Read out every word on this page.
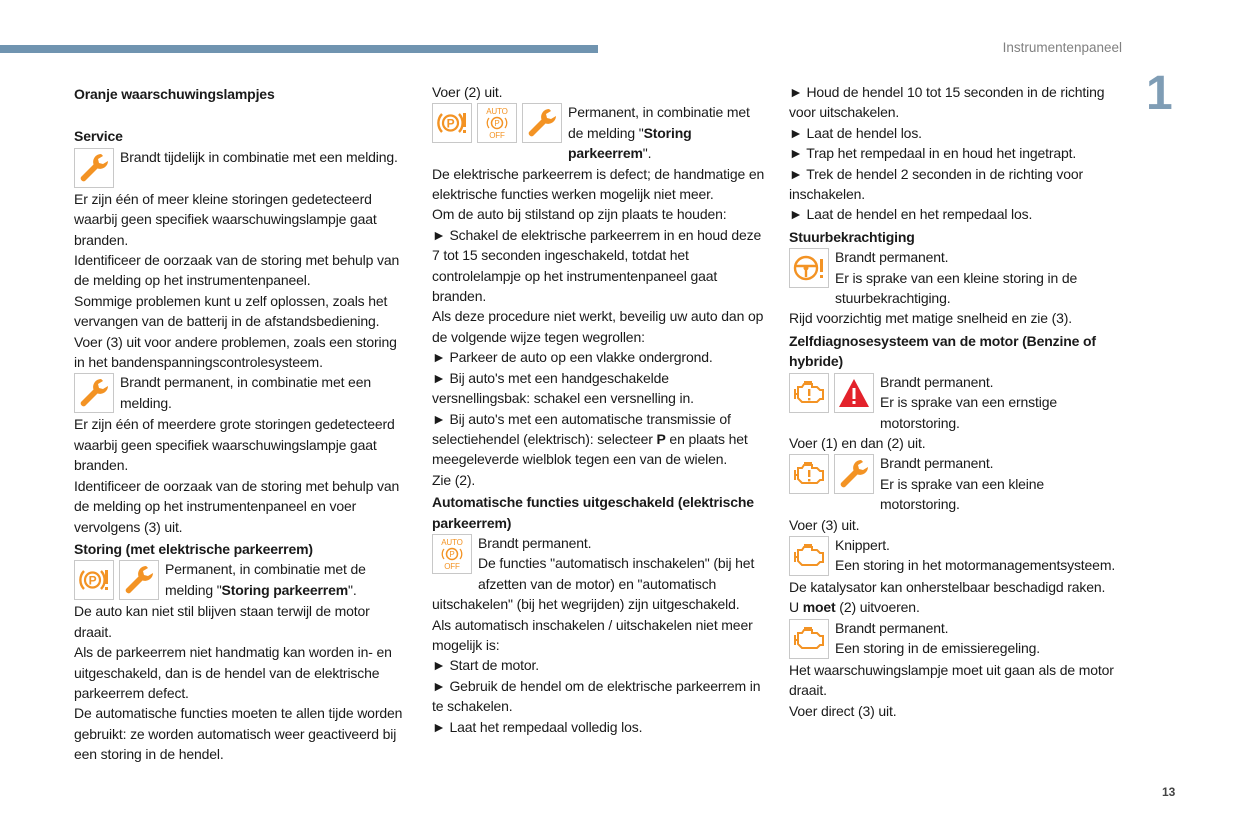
Instrumentenpaneel
1
Oranje waarschuwingslampjes
Service
Brandt tijdelijk in combinatie met een melding.

Er zijn één of meer kleine storingen gedetecteerd waarbij geen specifiek waarschuwingslampje gaat branden.

Identificeer de oorzaak van de storing met behulp van de melding op het instrumentenpaneel.

Sommige problemen kunt u zelf oplossen, zoals het vervangen van de batterij in de afstandsbediening.

Voer (3) uit voor andere problemen, zoals een storing in het bandenspanningscontrolesysteem.

Brandt permanent, in combinatie met een melding.

Er zijn één of meerdere grote storingen gedetecteerd waarbij geen specifiek waarschuwingslampje gaat branden.

Identificeer de oorzaak van de storing met behulp van de melding op het instrumentenpaneel en voer vervolgens (3) uit.

Storing (met elektrische parkeerrem)
P
Permanent, in combinatie met de melding "Storing parkeerrem".

De auto kan niet stil blijven staan terwijl de motor draait.

Als de parkeerrem niet handmatig kan worden in- en uitgeschakeld, dan is de hendel van de elektrische parkeerrem defect.

De automatische functies moeten te allen tijde worden gebruikt: ze worden automatisch weer geactiveerd bij een storing in de hendel.

Voer (2) uit.

P
AUTO
P
OFF
Permanent, in combinatie met de melding "Storing parkeerrem".

De elektrische parkeerrem is defect; de handmatige en elektrische functies werken mogelijk niet meer.

Om de auto bij stilstand op zijn plaats te houden:

► Schakel de elektrische parkeerrem in en houd deze 7 tot 15 seconden ingeschakeld, totdat het controlelampje op het instrumentenpaneel gaat branden.

Als deze procedure niet werkt, beveilig uw auto dan op de volgende wijze tegen wegrollen:

► Parkeer de auto op een vlakke ondergrond.

► Bij auto's met een handgeschakelde versnellingsbak: schakel een versnelling in.

► Bij auto's met een automatische transmissie of selectiehendel (elektrisch): selecteer P en plaats het meegeleverde wielblok tegen een van de wielen.

Zie (2).

Automatische functies uitgeschakeld (elektrische parkeerrem)
AUTO
P
OFF
Brandt permanent.
De functies "automatisch inschakelen" (bij het afzetten van de motor) en "automatisch uitschakelen" (bij het wegrijden) zijn uitgeschakeld.

Als automatisch inschakelen / uitschakelen niet meer mogelijk is:

► Start de motor.

► Gebruik de hendel om de elektrische parkeerrem in te schakelen.

► Laat het rempedaal volledig los.

► Houd de hendel 10 tot 15 seconden in de richting voor uitschakelen.

► Laat de hendel los.

► Trap het rempedaal in en houd het ingetrapt.

► Trek de hendel 2 seconden in de richting voor inschakelen.

► Laat de hendel en het rempedaal los.

Stuurbekrachtiging
Brandt permanent.
Er is sprake van een kleine storing in de stuurbekrachtiging.

Rijd voorzichtig met matige snelheid en zie (3).

Zelfdiagnosesysteem van de motor (Benzine of hybride)
Brandt permanent.
Er is sprake van een ernstige motorstoring.

Voer (1) en dan (2) uit.

Brandt permanent.
Er is sprake van een kleine motorstoring.

Voer (3) uit.

Knippert.
Een storing in het motormanagementsysteem.

De katalysator kan onherstelbaar beschadigd raken.

U moet (2) uitvoeren.

Brandt permanent.
Een storing in de emissieregeling.

Het waarschuwingslampje moet uit gaan als de motor draait.

Voer direct (3) uit.

13
